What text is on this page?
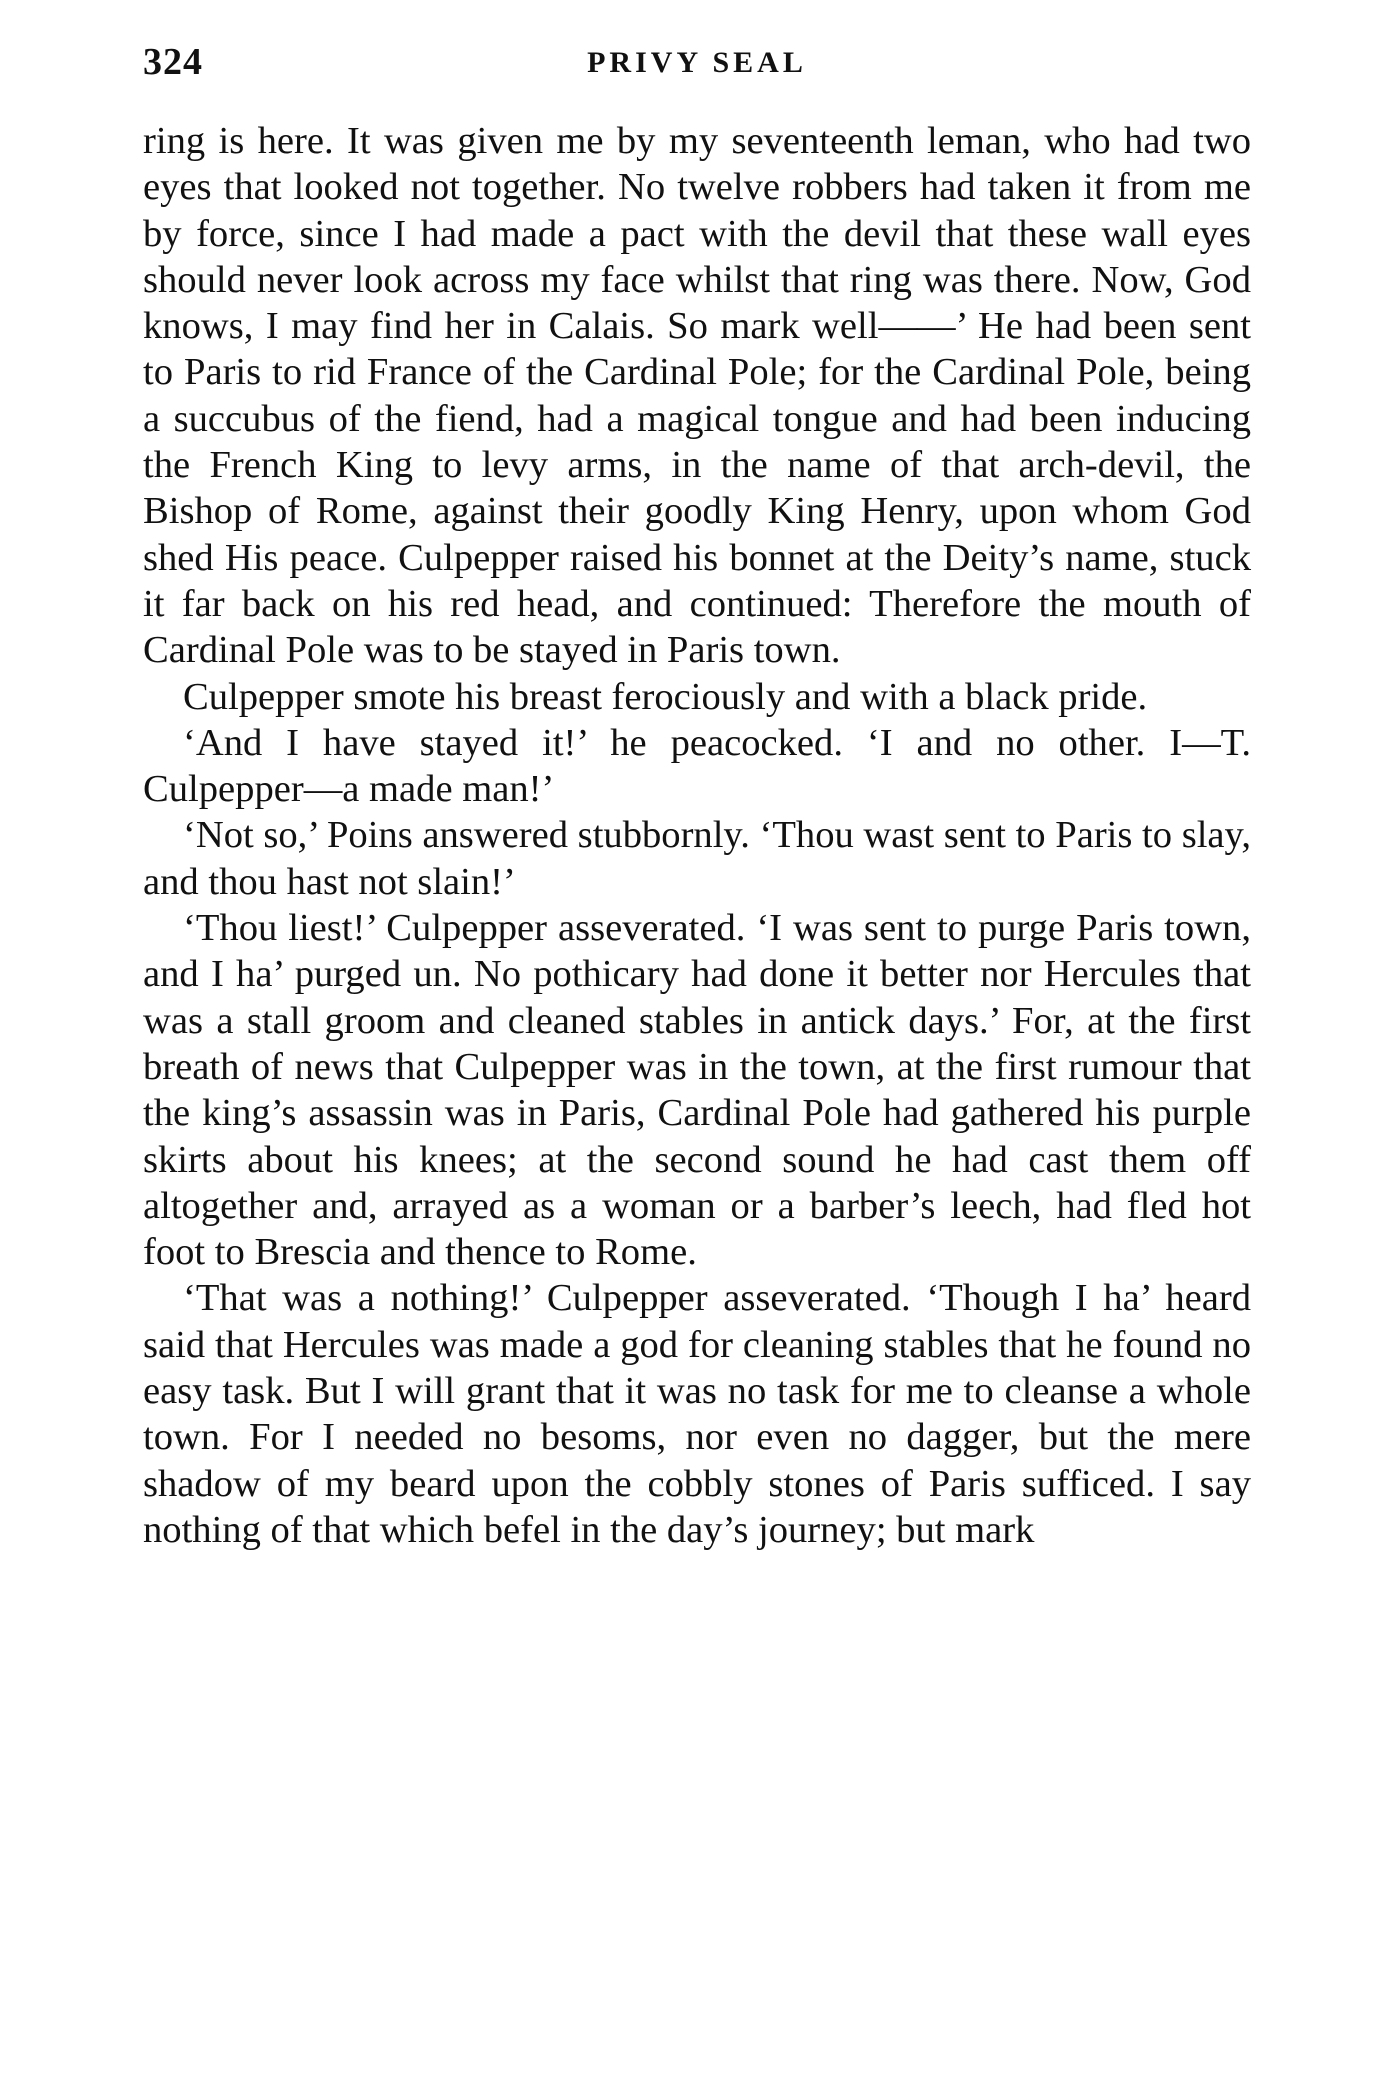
324	PRIVY SEAL

ring is here. It was given me by my seventeenth leman, who had two eyes that looked not together. No twelve robbers had taken it from me by force, since I had made a pact with the devil that these wall eyes should never look across my face whilst that ring was there. Now, God knows, I may find her in Calais. So mark well——’ He had been sent to Paris to rid France of the Cardinal Pole; for the Cardinal Pole, being a succubus of the fiend, had a magical tongue and had been inducing the French King to levy arms, in the name of that arch-devil, the Bishop of Rome, against their goodly King Henry, upon whom God shed His peace. Culpepper raised his bonnet at the Deity’s name, stuck it far back on his red head, and continued: Therefore the mouth of Cardinal Pole was to be stayed in Paris town.

Culpepper smote his breast ferociously and with a black pride.

‘And I have stayed it!’ he peacocked. ‘I and no other. I—T. Culpepper—a made man!’

‘Not so,’ Poins answered stubbornly. ‘Thou wast sent to Paris to slay, and thou hast not slain!’

‘Thou liest!’ Culpepper asseverated. ‘I was sent to purge Paris town, and I ha’ purged un. No pothicary had done it better nor Hercules that was a stall groom and cleaned stables in antick days.’ For, at the first breath of news that Culpepper was in the town, at the first rumour that the king’s assassin was in Paris, Cardinal Pole had gathered his purple skirts about his knees; at the second sound he had cast them off altogether and, arrayed as a woman or a barber’s leech, had fled hot foot to Brescia and thence to Rome.

‘That was a nothing!’ Culpepper asseverated. ‘Though I ha’ heard said that Hercules was made a god for cleaning stables that he found no easy task. But I will grant that it was no task for me to cleanse a whole town. For I needed no besoms, nor even no dagger, but the mere shadow of my beard upon the cobbly stones of Paris sufficed. I say nothing of that which befel in the day’s journey; but mark
